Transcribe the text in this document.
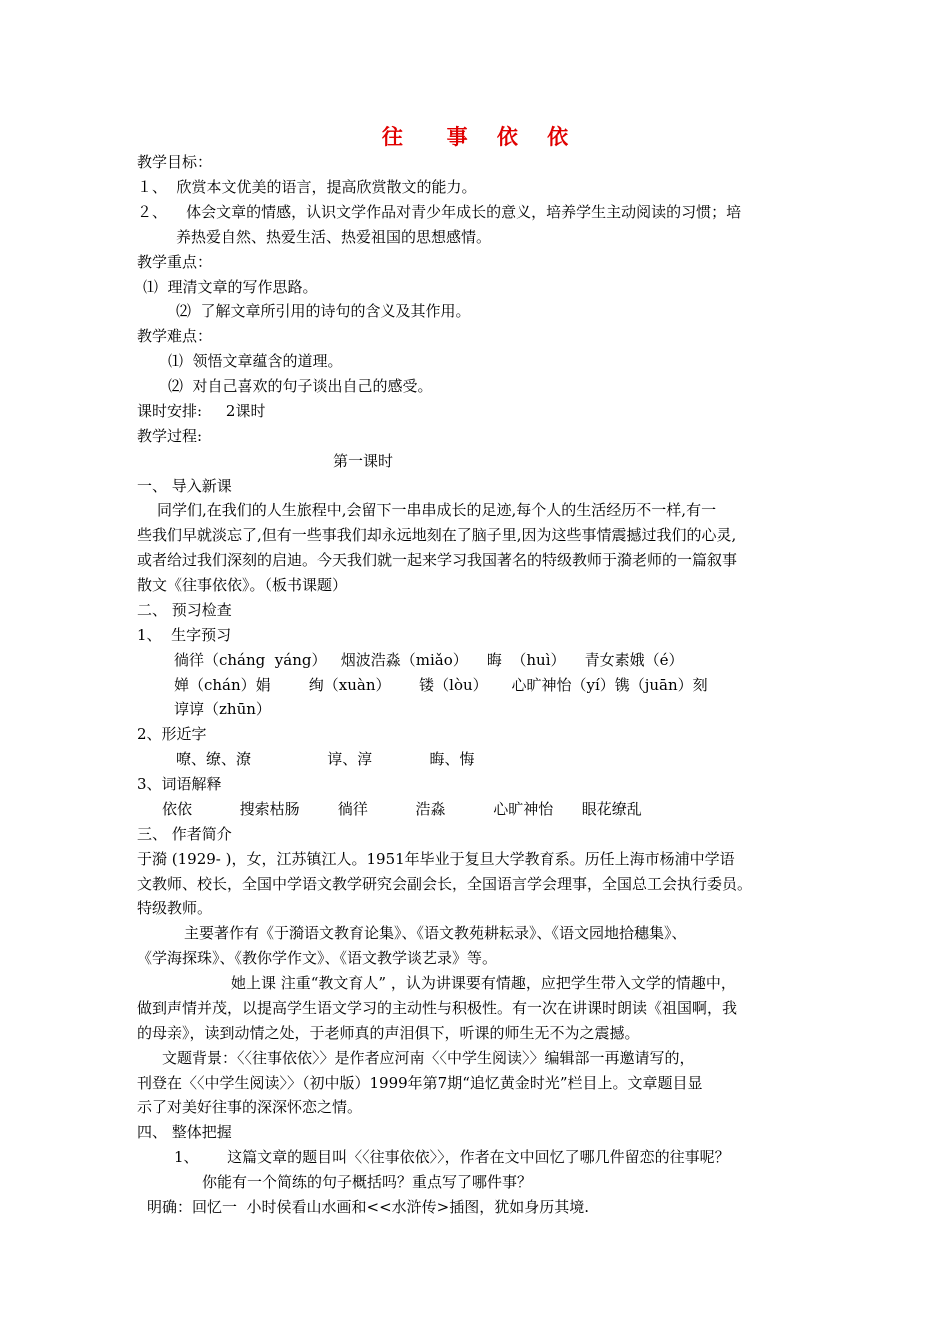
往      事    依    依
教学目标：
１、  欣赏本文优美的语言，提高欣赏散文的能力。
２、    体会文章的情感，认识文学作品对青少年成长的意义，培养学生主动阅读的习惯；培
养热爱自然、热爱生活、热爱祖国的思想感情。
教学重点：
⑴  理清文章的写作思路。
⑵  了解文章所引用的诗句的含义及其作用。
教学难点：
⑴  领悟文章蕴含的道理。
⑵  对自己喜欢的句子谈出自己的感受。
课时安排:     2课时
教学过程:
第一课时
一、 导入新课
同学们,在我们的人生旅程中,会留下一串串成长的足迹,每个人的生活经历不一样,有一
些我们早就淡忘了,但有一些事我们却永远地刻在了脑子里,因为这些事情震撼过我们的心灵,
或者给过我们深刻的启迪。今天我们就一起来学习我国著名的特级教师于漪老师的一篇叙事
散文《往事依依》。（板书课题）
二、 预习检查
1、  生字预习
徜徉（cháng  yáng）   烟波浩淼（miǎo）    晦  （huì）    青女素娥（é）
婵（chán）娟        绚（xuàn）      镂（lòu）     心旷神怡（yí）镌（juān）刻
谆谆（zhūn）
2、形近字
嘹、缭、潦                谆、淳            晦、悔
3、词语解释
依依          搜索枯肠        徜徉          浩淼          心旷神怡      眼花缭乱
三、 作者简介
于漪 (1929- )，女，江苏镇江人。1951年毕业于复旦大学教育系。历任上海市杨浦中学语
文教师、校长，全国中学语文教学研究会副会长，全国语言学会理事，全国总工会执行委员。
特级教师。
主要著作有《于漪语文教育论集》、《语文教苑耕耘录》、《语文园地拾穗集》、
《学海探珠》、《教你学作文》、《语文教学谈艺录》等。
她上课 注重“教文育人” ，认为讲课要有情趣，应把学生带入文学的情趣中，
做到声情并茂，以提高学生语文学习的主动性与积极性。有一次在讲课时朗读《祖国啊，我
的母亲》，读到动情之处，于老师真的声泪俱下，听课的师生无不为之震撼。
文题背景：〈〈往事依依〉〉是作者应河南〈〈中学生阅读〉〉编辑部一再邀请写的，
刊登在〈〈中学生阅读〉〉（初中版）1999年第7期“追忆黄金时光”栏目上。文章题目显
示了对美好往事的深深怀恋之情。
四、 整体把握
1、      这篇文章的题目叫〈〈往事依依〉〉，作者在文中回忆了哪几件留恋的往事呢？
你能有一个简练的句子概括吗？重点写了哪件事？
明确：回忆一  小时侯看山水画和<<水浒传>插图，犹如身历其境.
